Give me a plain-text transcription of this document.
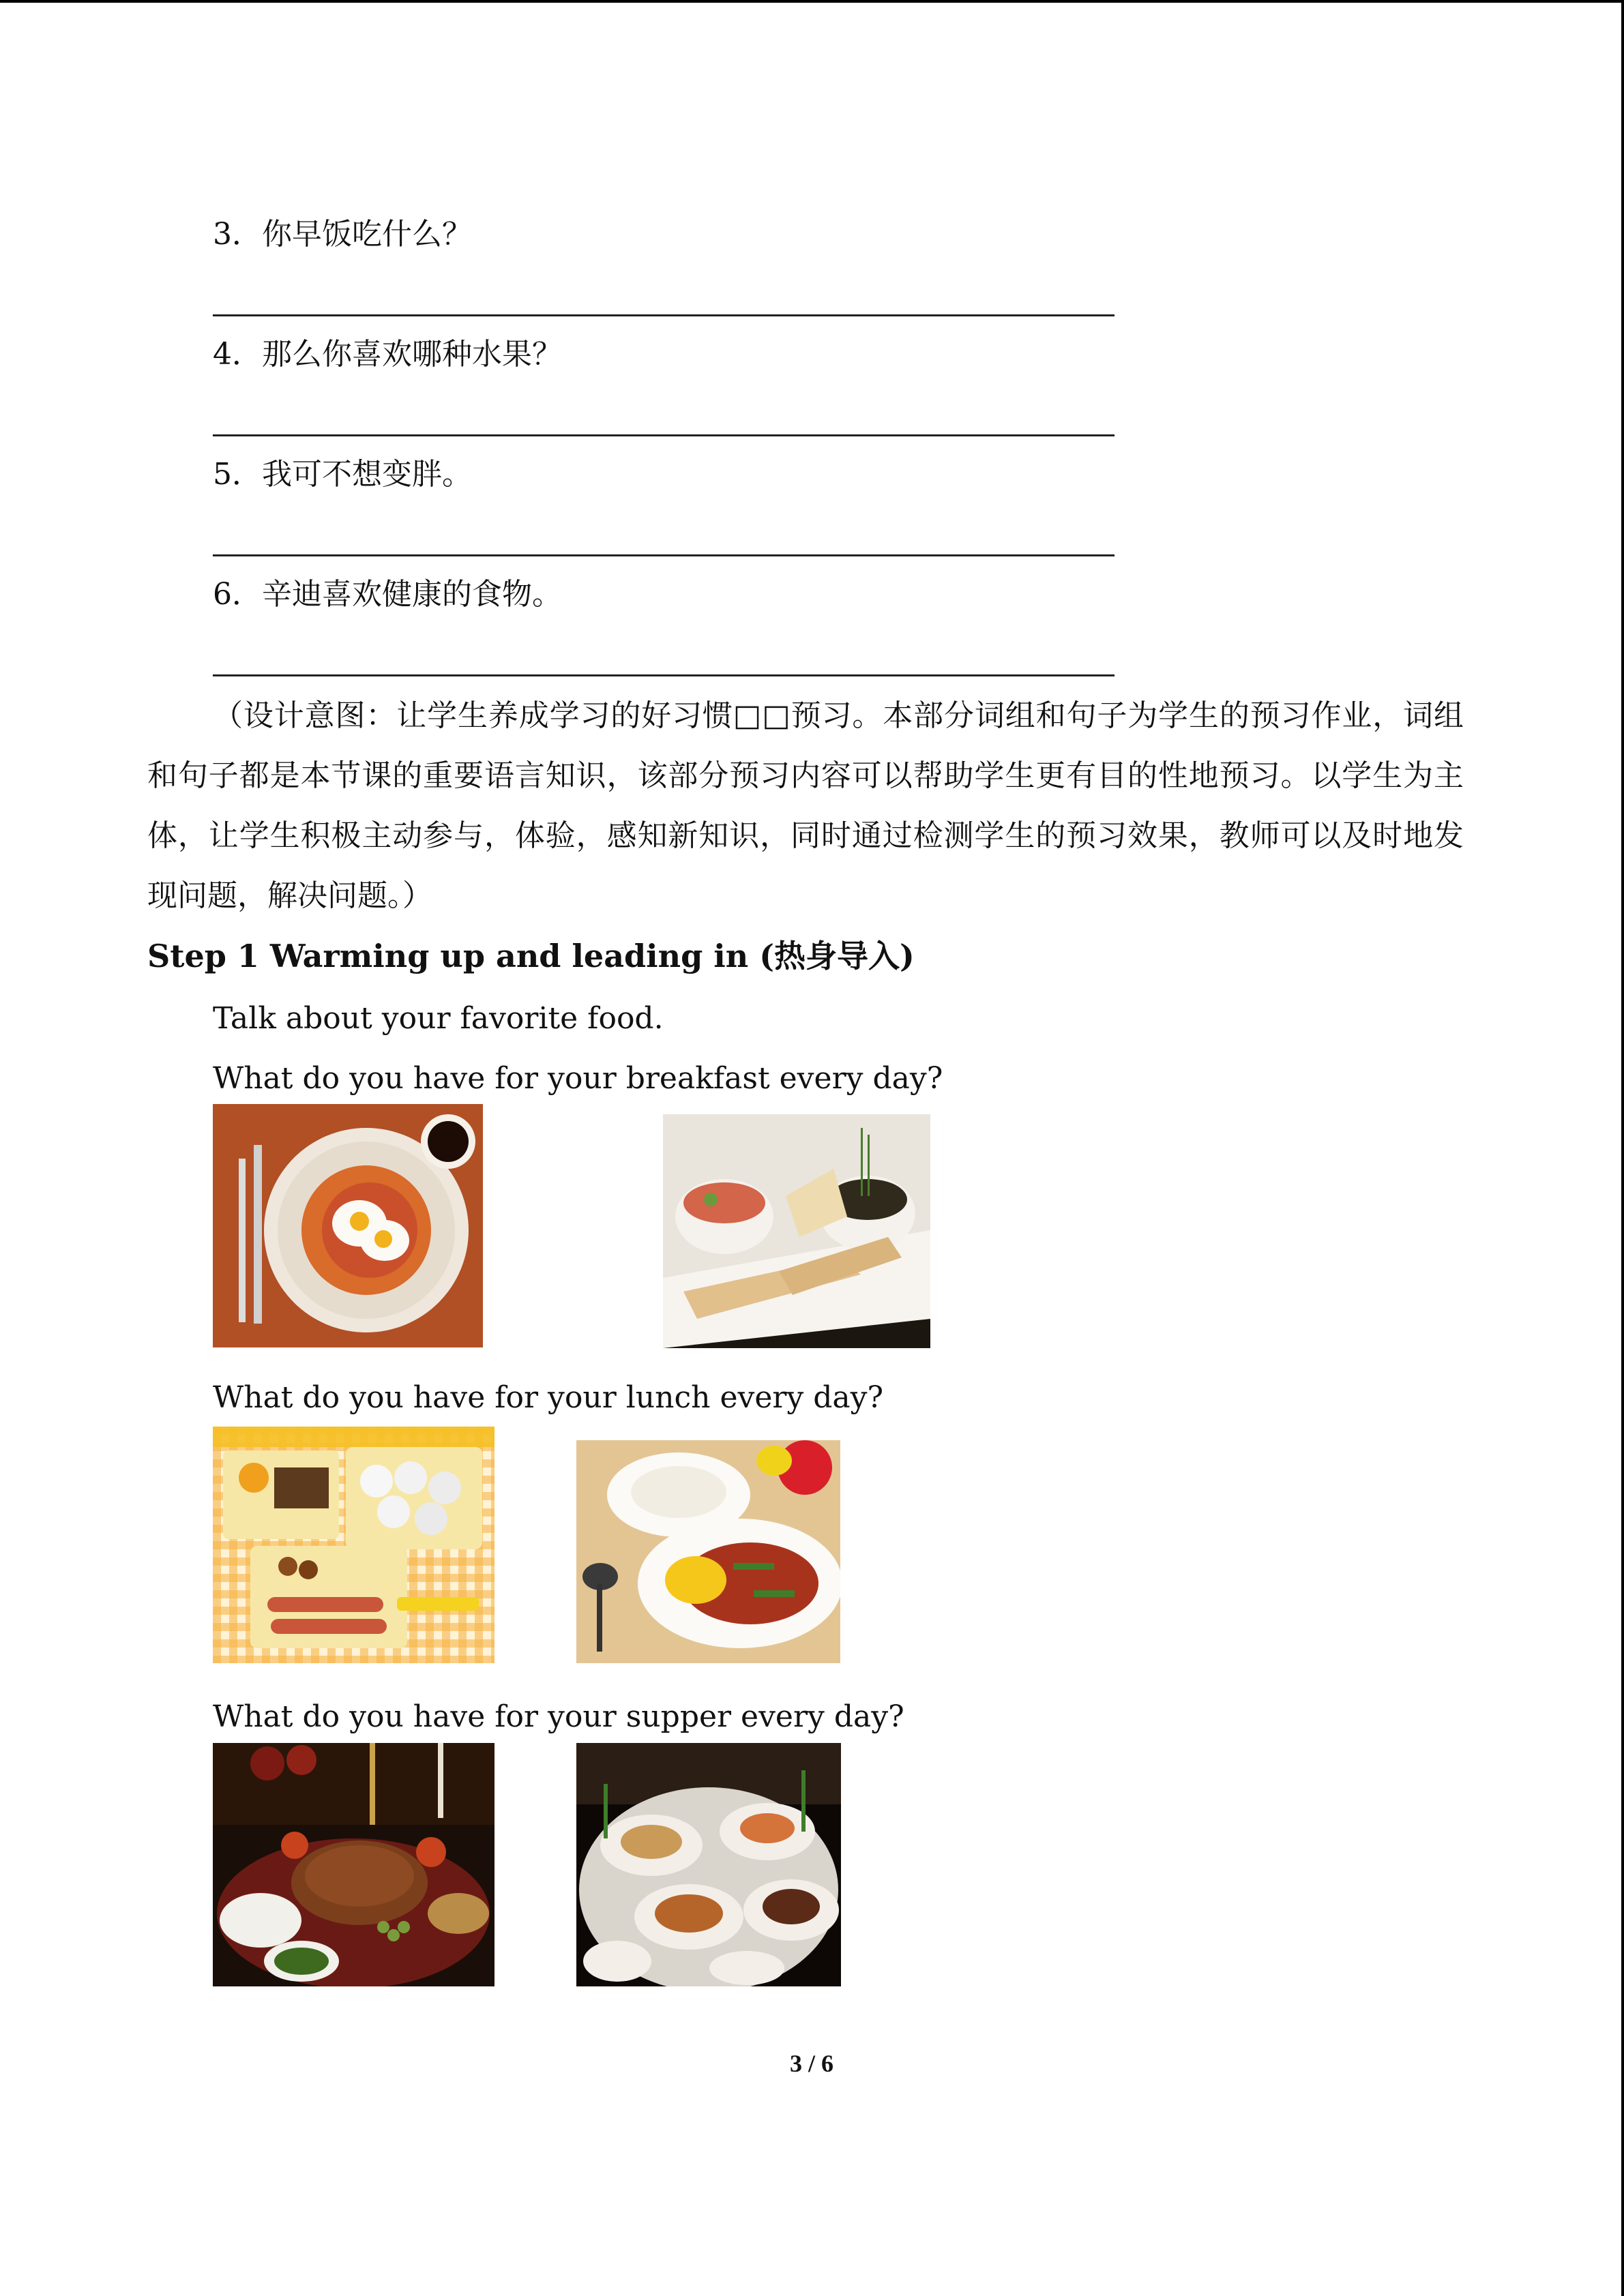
3．你早饭吃什么？
4．那么你喜欢哪种水果？
5．我可不想变胖。
6．辛迪喜欢健康的食物。
（设计意图：让学生养成学习的好习惯□□预习。本部分词组和句子为学生的预习作业，词组和句子都是本节课的重要语言知识，该部分预习内容可以帮助学生更有目的性地预习。以学生为主体，让学生积极主动参与，体验，感知新知识，同时通过检测学生的预习效果，教师可以及时地发现问题，解决问题。）
Step 1 Warming up and leading in (热身导入)
Talk about your favorite food.
What do you have for your breakfast every day?
What do you have for your lunch every day?
What do you have for your supper every day?
3 / 6
